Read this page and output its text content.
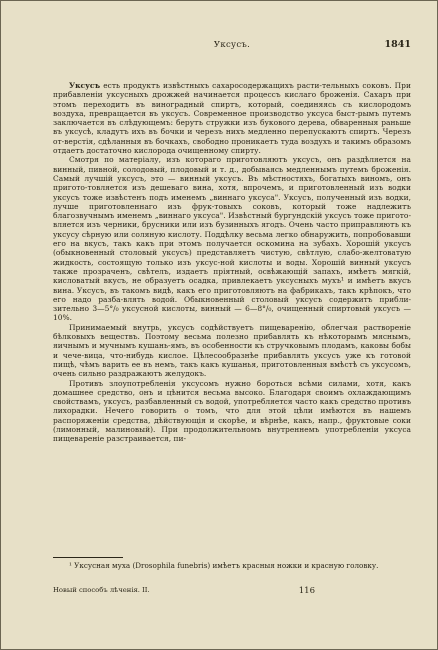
Уксусъ.	1841

Уксусъ есть продуктъ извѣстныхъ сахаросодержащихъ расти-тельныхъ соковъ. При прибавленіи уксусныхъ дрожжей начинается процессъ кислаго броженія. Сахаръ при этомъ переходитъ въ виноградный спиртъ, который, соединяясь съ кислородомъ воздуха, превращается въ уксусъ. Современное производство уксуса быст-рымъ путемъ заключается въ слѣдующемъ: берутъ стружки изъ букового дерева, обваренныя раньше въ уксусѣ, кладутъ ихъ въ бочки и черезъ нихъ медленно перепускаютъ спиртъ. Черезъ от-верстія, сдѣланныя въ бочкахъ, свободно проникаетъ туда воздухъ и такимъ образомъ отдаетъ достаточно кислорода очищенному спирту.

Смотря по матеріалу, изъ котораго приготовляютъ уксусъ, онъ раздѣляется на винный, пивной, солодовый, плодовый и т. д., добываясь медленнымъ путемъ броженія. Самый лучшій уксусъ, это — винный уксусъ. Въ мѣстностяхъ, богатыхъ виномъ, онъ пригото-товляется изъ дешеваго вина, хотя, впрочемъ, и приготовленный изъ водки уксусъ тоже извѣстенъ подъ именемъ „виннаго уксуса". Уксусъ, полученный изъ водки, лучше приготовленнаго изъ фрук-товыхъ соковъ, который тоже надлежитъ благозвучнымъ именемъ „виннаго уксуса". Извѣстный бургундскій уксусъ тоже пригото-вляется изъ черники, брусники или изъ бузинныхъ ягодъ. Очень часто приправляютъ къ уксусу сѣрную или соляную кислоту. Поддѣлку весьма легко обнаружить, попробовавши его на вкусъ, такъ какъ при этомъ получается оскомина на зубахъ. Хорошій уксусъ (обыкновенный столовый уксусъ) представляетъ чистую, свѣтлую, слабо-желтоватую жидкость, состоящую только изъ уксус-ной кислоты и воды. Хорошій винный уксусъ также прозраченъ, свѣтелъ, издаетъ пріятный, освѣжающій запахъ, имѣетъ мягкій, кисловатый вкусъ, не образуетъ осадка, привлекаетъ уксусныхъ мухъ¹ и имѣетъ вкусъ вина. Уксусъ, въ такомъ видѣ, какъ его приготовляютъ на фабрикахъ, такъ крѣпокъ, что его надо разба-влять водой. Обыкновенный столовый уксусъ содержитъ прибли-зительно 3—5°/₀ уксусной кислоты, винный — 6—8°/₀, очищенный спиртовый уксусъ — 10%.

Принимаемый внутрь, уксусъ содѣйствуетъ пищеваренію, облегчая раствореніе бѣлковыхъ веществъ. Поэтому весьма полезно прибавлять къ нѣкоторымъ мяснымъ, яичнымъ и мучнымъ кушань-ямъ, въ особенности къ стручковымъ плодамъ, каковы бобы и чече-вица, что-нибудь кислое. Цѣлесообразнѣе прибавлять уксусъ уже къ готовой пищѣ, чѣмъ варить ее въ немъ, такъ какъ кушанья, приготовленныя вмѣстѣ съ уксусомъ, очень сильно раздражаютъ желудокъ.

Противъ злоупотребленія уксусомъ нужно бороться всѣми силами, хотя, какъ домашнее средство, онъ и цѣнится весьма высоко. Благодаря своимъ охлаждающимъ свойствамъ, уксусъ, разбавленный съ водой, употребляется часто какъ средство противъ лихорадки. Нечего говорить о томъ, что для этой цѣли имѣются въ нашемъ распоряженіи средства, дѣйствующія и скорѣе, и вѣрнѣе, какъ, напр., фруктовые соки (лимонный, малиновый). При продолжительномъ внутреннемъ употребленіи уксуса пищевареніе разстраивается, пи-

¹ Уксусная муха (Drosophila funebris) имѣетъ красныя ножки и красную головку.
Новый способъ лѣченія. II.	116
